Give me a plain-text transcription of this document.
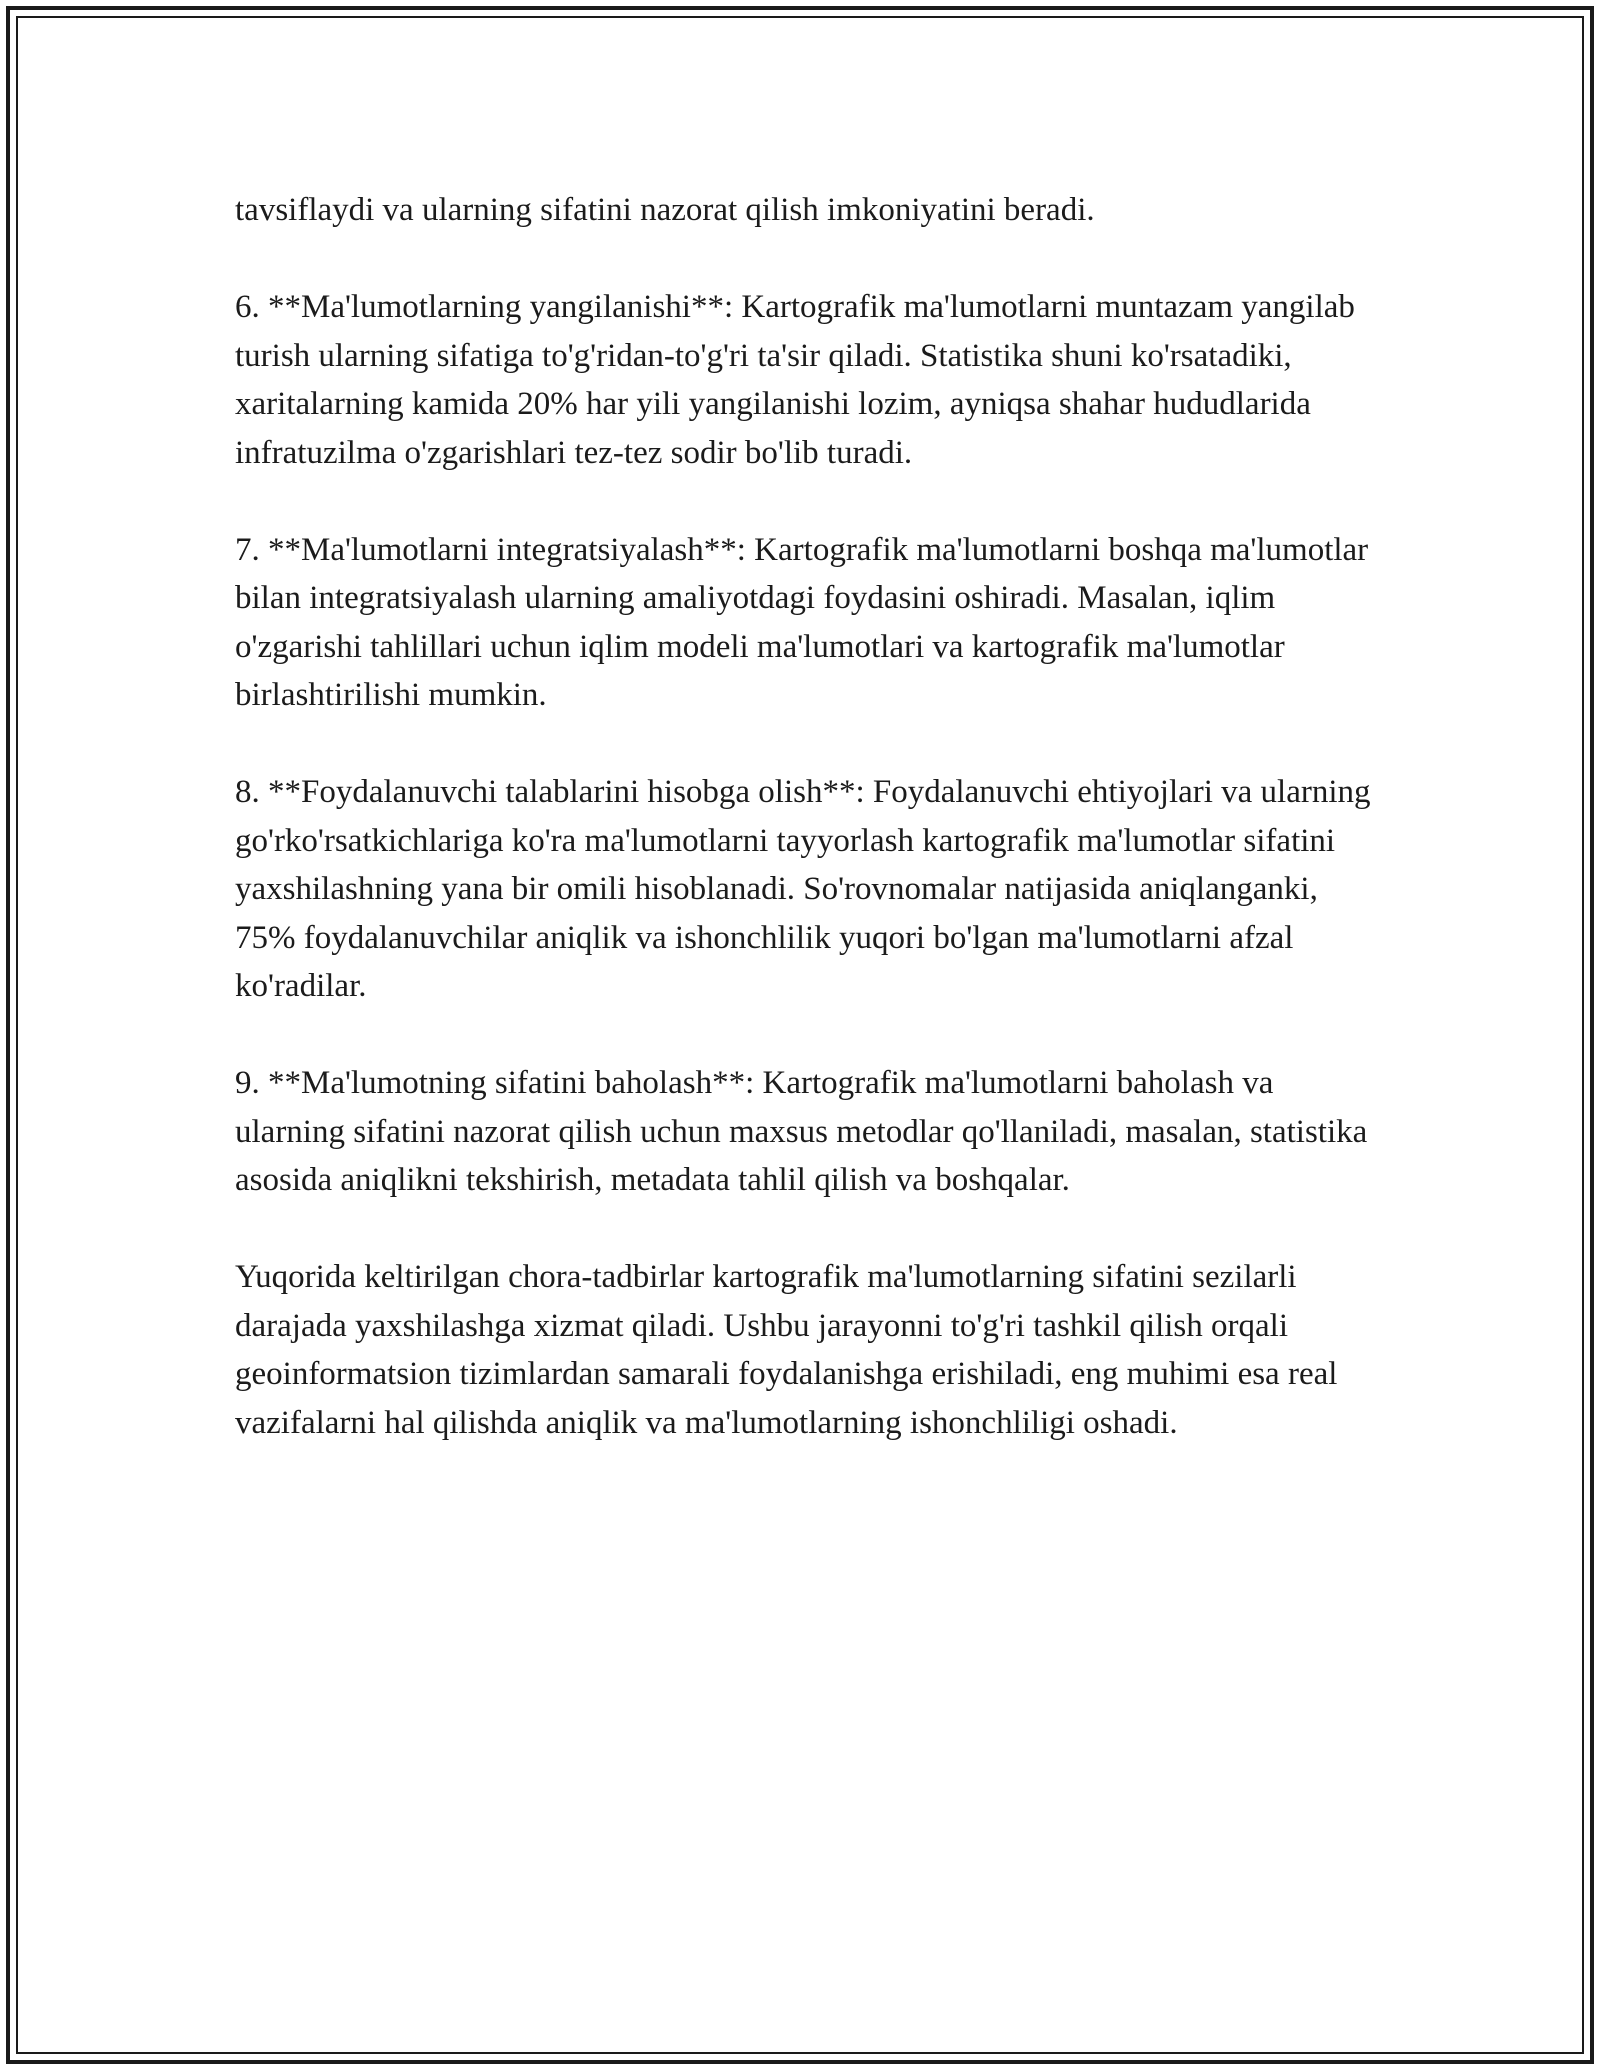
tavsiflaydi va ularning sifatini nazorat qilish imkoniyatini beradi.

6. **Ma'lumotlarning yangilanishi**: Kartografik ma'lumotlarni muntazam yangilab turish ularning sifatiga to'g'ridan-to'g'ri ta'sir qiladi. Statistika shuni ko'rsatadiki, xaritalarning kamida 20% har yili yangilanishi lozim, ayniqsa shahar hududlarida infratuzilma o'zgarishlari tez-tez sodir bo'lib turadi.

7. **Ma'lumotlarni integratsiyalash**: Kartografik ma'lumotlarni boshqa ma'lumotlar bilan integratsiyalash ularning amaliyotdagi foydasini oshiradi. Masalan, iqlim o'zgarishi tahlillari uchun iqlim modeli ma'lumotlari va kartografik ma'lumotlar birlashtirilishi mumkin.

8. **Foydalanuvchi talablarini hisobga olish**: Foydalanuvchi ehtiyojlari va ularning go'rko'rsatkichlariga ko'ra ma'lumotlarni tayyorlash kartografik ma'lumotlar sifatini yaxshilashning yana bir omili hisoblanadi. So'rovnomalar natijasida aniqlanganki, 75% foydalanuvchilar aniqlik va ishonchlilik yuqori bo'lgan ma'lumotlarni afzal ko'radilar.

9. **Ma'lumotning sifatini baholash**: Kartografik ma'lumotlarni baholash va ularning sifatini nazorat qilish uchun maxsus metodlar qo'llaniladi, masalan, statistika asosida aniqlikni tekshirish, metadata tahlil qilish va boshqalar.

Yuqorida keltirilgan chora-tadbirlar kartografik ma'lumotlarning sifatini sezilarli darajada yaxshilashga xizmat qiladi. Ushbu jarayonni to'g'ri tashkil qilish orqali geoinformatsion tizimlardan samarali foydalanishga erishiladi, eng muhimi esa real vazifalarni hal qilishda aniqlik va ma'lumotlarning ishonchliligi oshadi.
